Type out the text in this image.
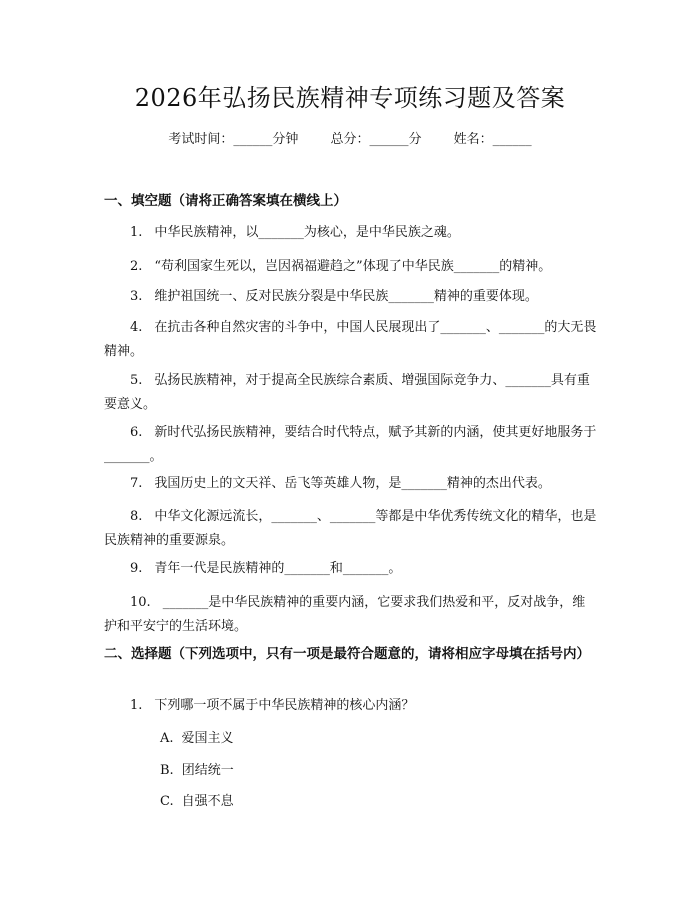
2026年弘扬民族精神专项练习题及答案
考试时间：______分钟 总分：______分 姓名：______
一、填空题（请将正确答案填在横线上）
1. 中华民族精神，以_______为核心，是中华民族之魂。
2. “苟利国家生死以，岂因祸福避趋之”体现了中华民族_______的精神。
3. 维护祖国统一、反对民族分裂是中华民族_______精神的重要体现。
4. 在抗击各种自然灾害的斗争中，中国人民展现出了_______、_______的大无畏精神。
5. 弘扬民族精神，对于提高全民族综合素质、增强国际竞争力、_______具有重要意义。
6. 新时代弘扬民族精神，要结合时代特点，赋予其新的内涵，使其更好地服务于_______。
7. 我国历史上的文天祥、岳飞等英雄人物，是_______精神的杰出代表。
8. 中华文化源远流长，_______、_______等都是中华优秀传统文化的精华，也是民族精神的重要源泉。
9. 青年一代是民族精神的_______和_______。
10. _______是中华民族精神的重要内涵，它要求我们热爱和平，反对战争，维护和平安宁的生活环境。
二、选择题（下列选项中，只有一项是最符合题意的，请将相应字母填在括号内）
1. 下列哪一项不属于中华民族精神的核心内涵？
A. 爱国主义
B. 团结统一
C. 自强不息
